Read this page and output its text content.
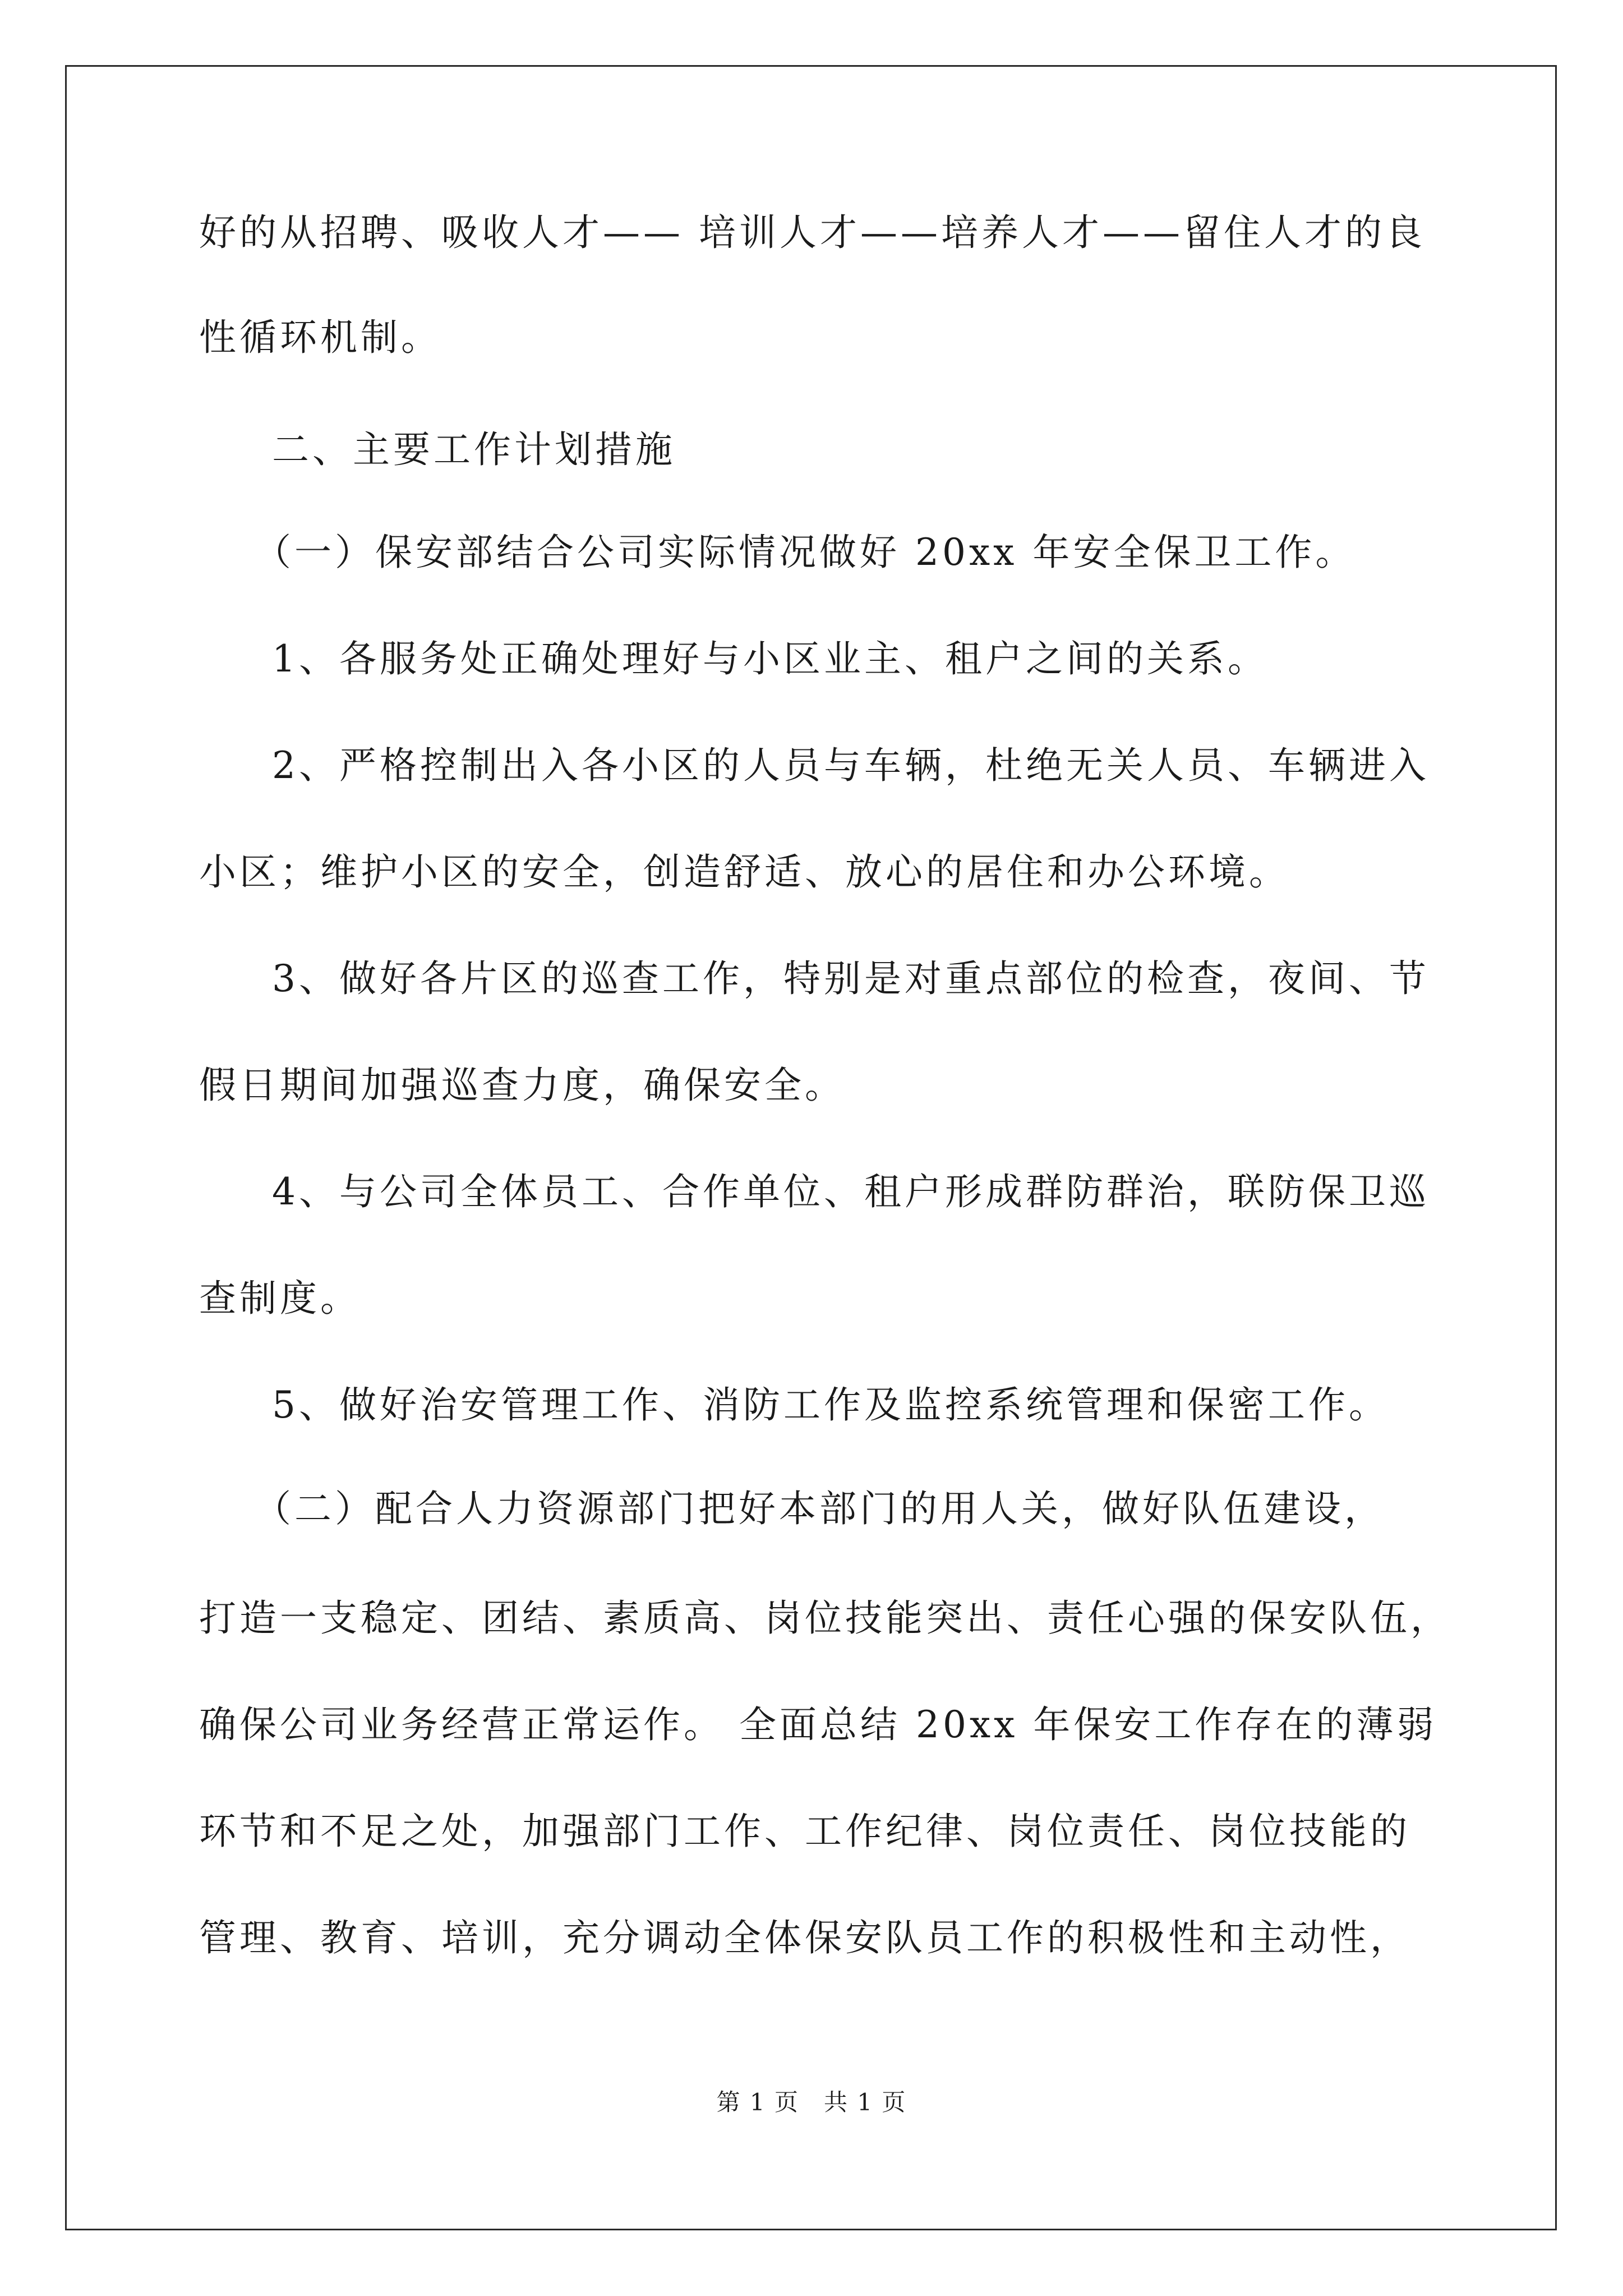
好的从招聘、吸收人才—— 培训人才——培养人才——留住人才的良
性循环机制。
二、主要工作计划措施
（一）保安部结合公司实际情况做好 20xx 年安全保卫工作。
1、各服务处正确处理好与小区业主、租户之间的关系。
2、严格控制出入各小区的人员与车辆，杜绝无关人员、车辆进入
小区；维护小区的安全，创造舒适、放心的居住和办公环境。
3、做好各片区的巡查工作，特别是对重点部位的检查，夜间、节
假日期间加强巡查力度，确保安全。
4、与公司全体员工、合作单位、租户形成群防群治，联防保卫巡
查制度。
5、做好治安管理工作、消防工作及监控系统管理和保密工作。
（二）配合人力资源部门把好本部门的用人关，做好队伍建设，
打造一支稳定、团结、素质高、岗位技能突出、责任心强的保安队伍，
确保公司业务经营正常运作。 全面总结 20xx 年保安工作存在的薄弱
环节和不足之处，加强部门工作、工作纪律、岗位责任、岗位技能的
管理、教育、培训，充分调动全体保安队员工作的积极性和主动性，
第 1 页　共 1 页
